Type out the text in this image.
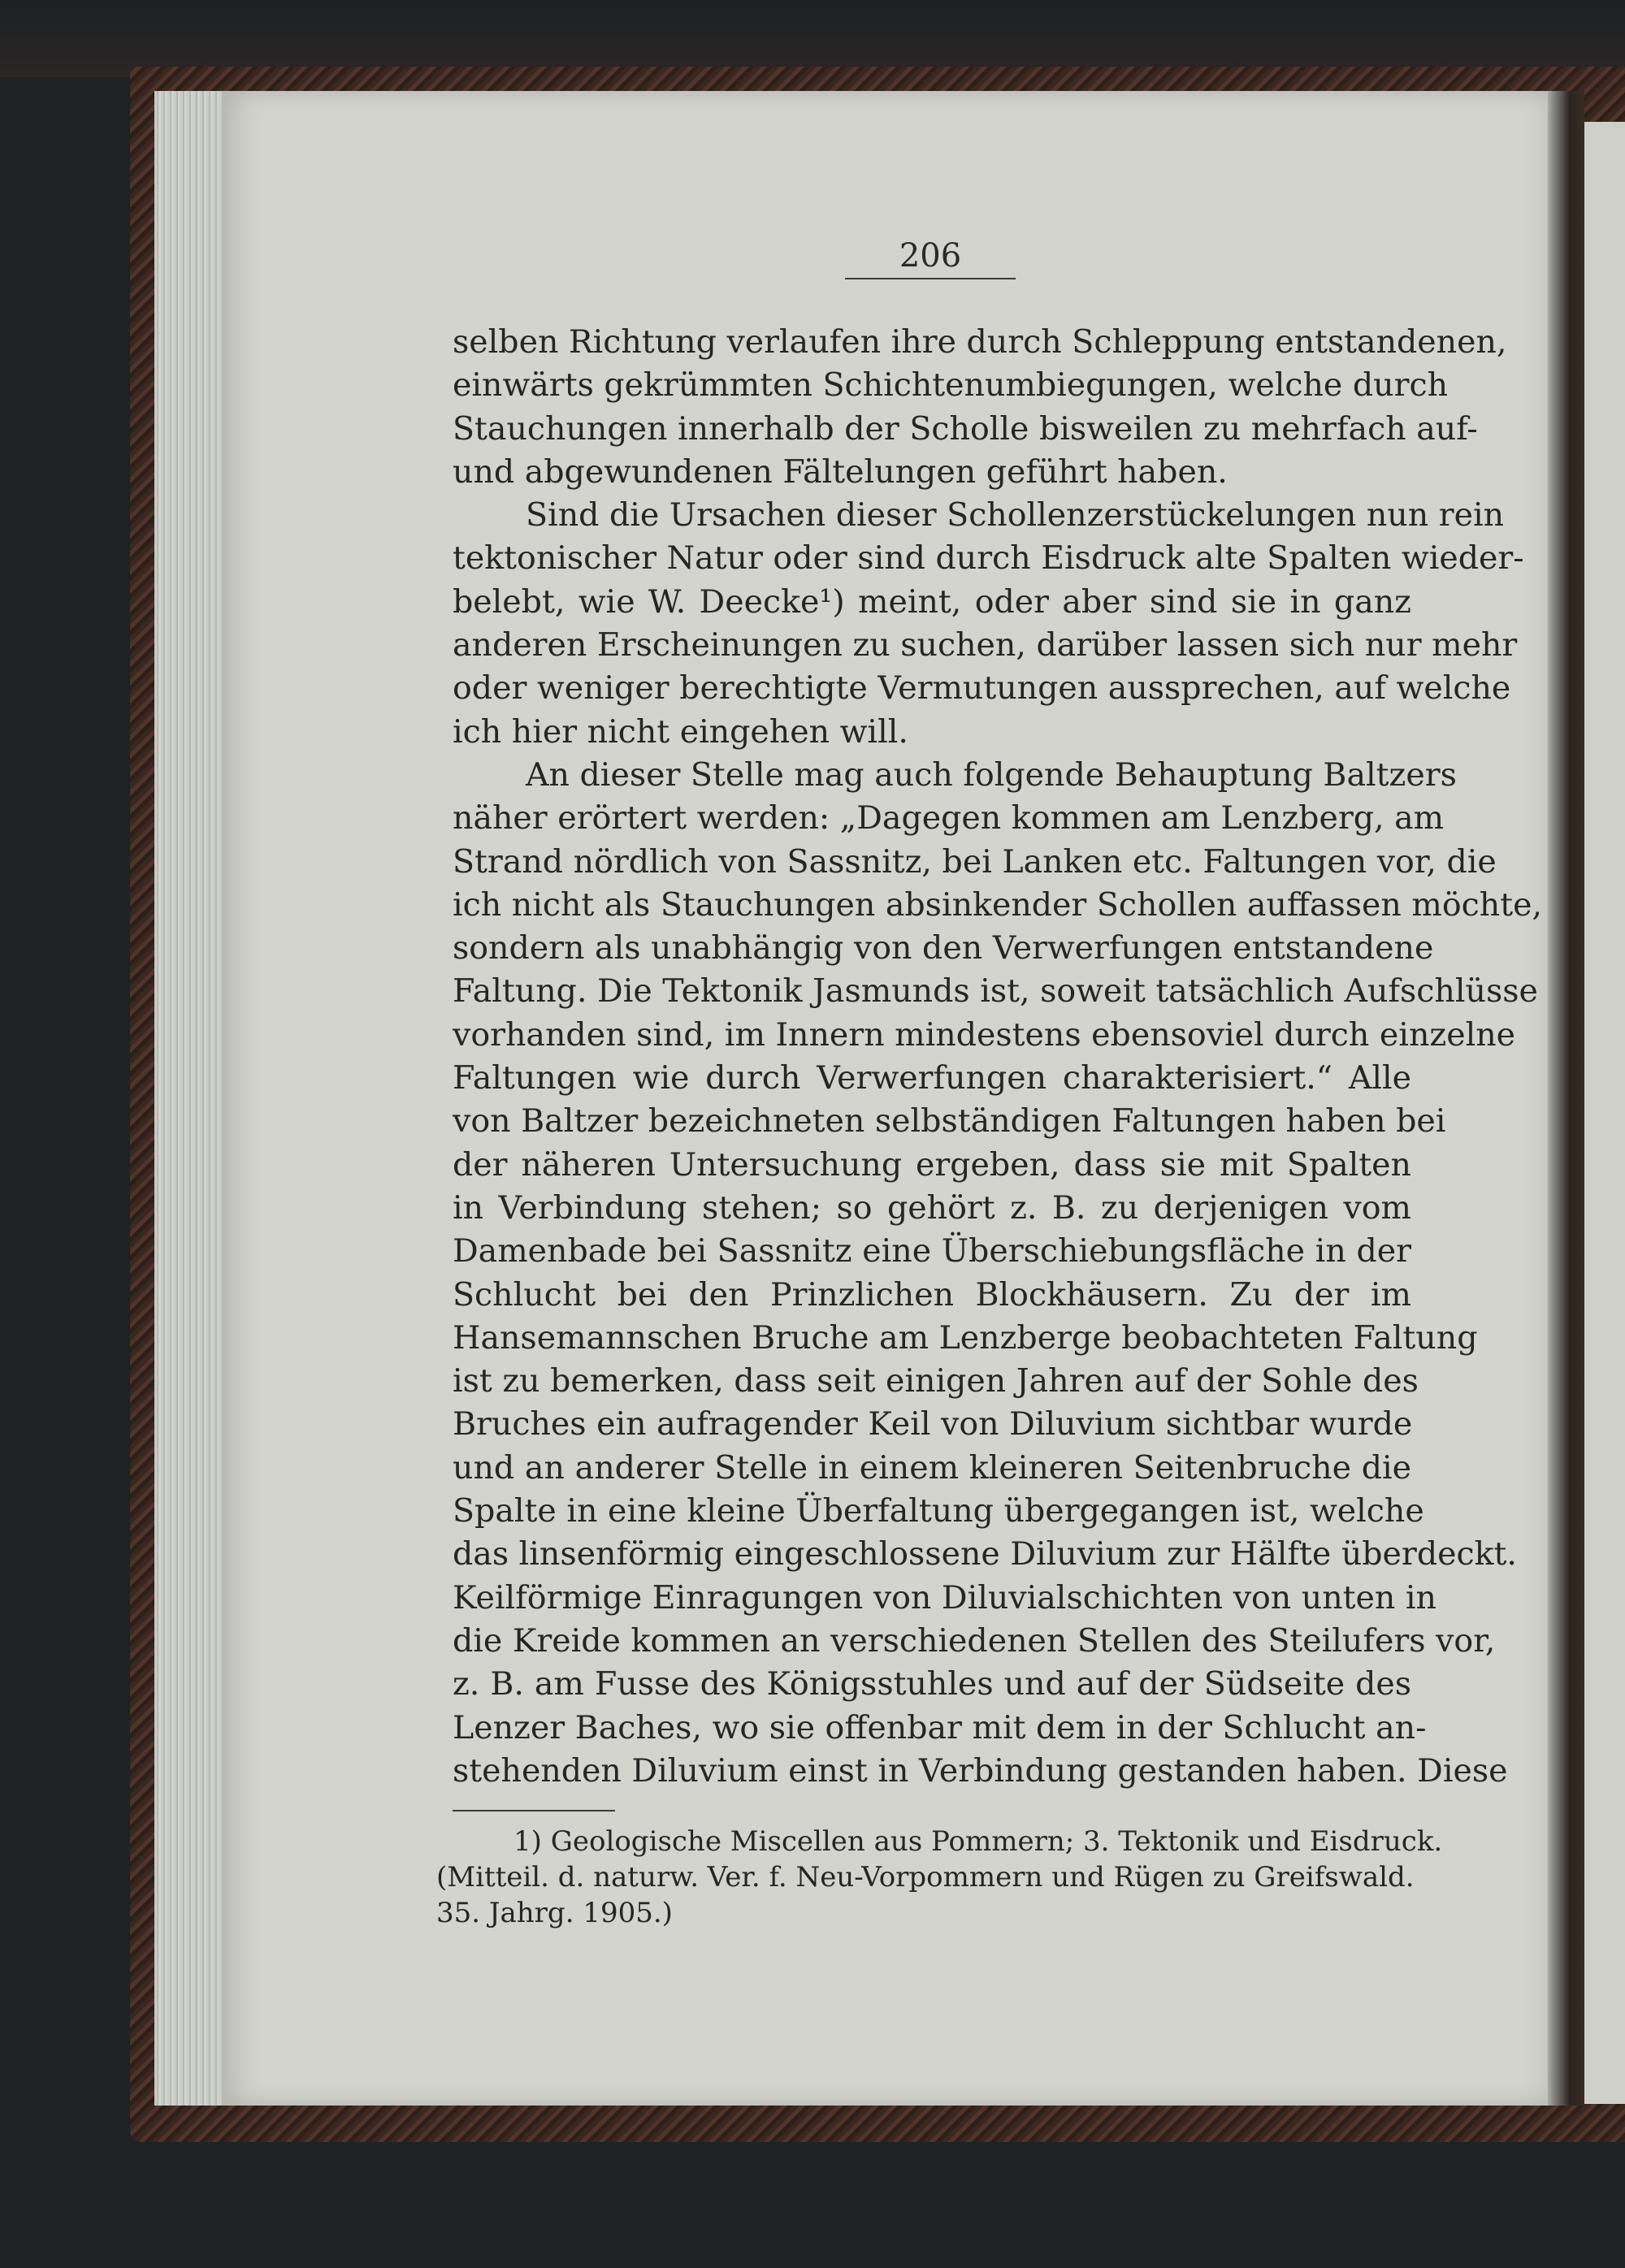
206
selben Richtung verlaufen ihre durch Schleppung entstandenen,
einwärts gekrümmten Schichtenumbiegungen, welche durch
Stauchungen innerhalb der Scholle bisweilen zu mehrfach auf-
und abgewundenen Fältelungen geführt haben.
Sind die Ursachen dieser Schollenzerstückelungen nun rein
tektonischer Natur oder sind durch Eisdruck alte Spalten wieder-
belebt, wie W. Deecke¹) meint, oder aber sind sie in ganz
anderen Erscheinungen zu suchen, darüber lassen sich nur mehr
oder weniger berechtigte Vermutungen aussprechen, auf welche
ich hier nicht eingehen will.
An dieser Stelle mag auch folgende Behauptung Baltzers
näher erörtert werden: „Dagegen kommen am Lenzberg, am
Strand nördlich von Sassnitz, bei Lanken etc. Faltungen vor, die
ich nicht als Stauchungen absinkender Schollen auffassen möchte,
sondern als unabhängig von den Verwerfungen entstandene
Faltung. Die Tektonik Jasmunds ist, soweit tatsächlich Aufschlüsse
vorhanden sind, im Innern mindestens ebensoviel durch einzelne
Faltungen wie durch Verwerfungen charakterisiert.“ Alle
von Baltzer bezeichneten selbständigen Faltungen haben bei
der näheren Untersuchung ergeben, dass sie mit Spalten
in Verbindung stehen; so gehört z. B. zu derjenigen vom
Damenbade bei Sassnitz eine Überschiebungsfläche in der
Schlucht bei den Prinzlichen Blockhäusern. Zu der im
Hansemannschen Bruche am Lenzberge beobachteten Faltung
ist zu bemerken, dass seit einigen Jahren auf der Sohle des
Bruches ein aufragender Keil von Diluvium sichtbar wurde
und an anderer Stelle in einem kleineren Seitenbruche die
Spalte in eine kleine Überfaltung übergegangen ist, welche
das linsenförmig eingeschlossene Diluvium zur Hälfte überdeckt.
Keilförmige Einragungen von Diluvialschichten von unten in
die Kreide kommen an verschiedenen Stellen des Steilufers vor,
z. B. am Fusse des Königsstuhles und auf der Südseite des
Lenzer Baches, wo sie offenbar mit dem in der Schlucht an-
stehenden Diluvium einst in Verbindung gestanden haben. Diese
1) Geologische Miscellen aus Pommern; 3. Tektonik und Eisdruck.
(Mitteil. d. naturw. Ver. f. Neu-Vorpommern und Rügen zu Greifswald.
35. Jahrg. 1905.)
